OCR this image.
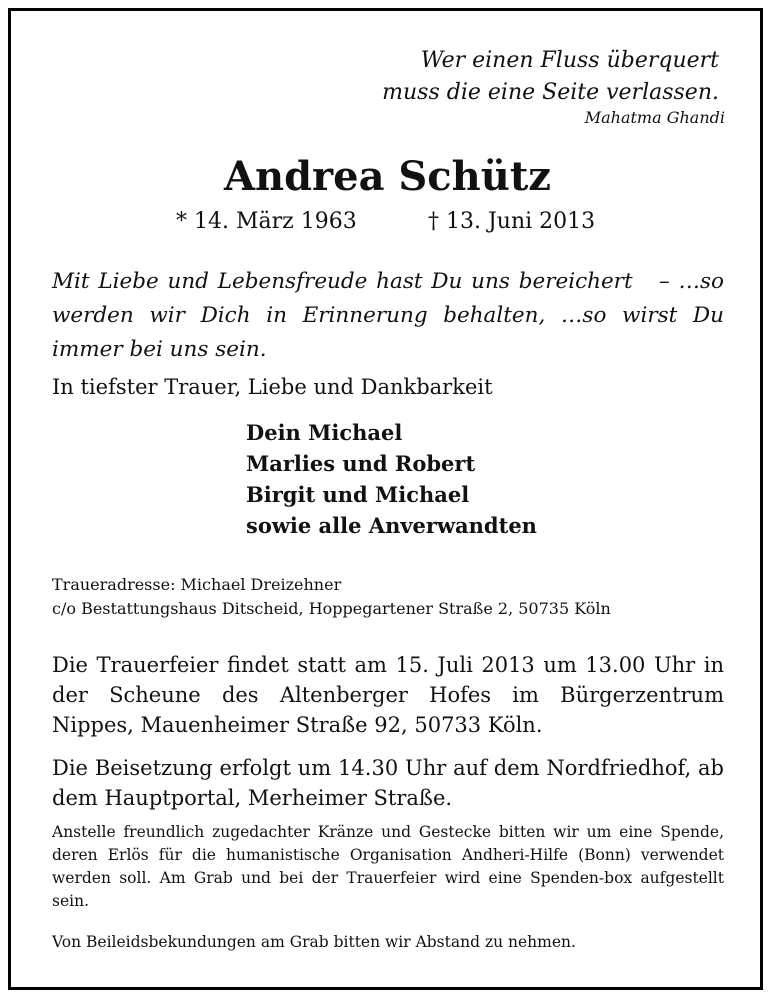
Wer einen Fluss überquert
muss die eine Seite verlassen.
Mahatma Ghandi
Andrea Schütz
* 14. März 1963	† 13. Juni 2013
Mit Liebe und Lebensfreude hast Du uns bereichert   – …so werden wir Dich in Erinnerung behalten, …so wirst Du immer bei uns sein.
In tiefster Trauer, Liebe und Dankbarkeit
Dein Michael
Marlies und Robert
Birgit und Michael
sowie alle Anverwandten
Traueradresse: Michael Dreizehner
c/o Bestattungshaus Ditscheid, Hoppegartener Straße 2, 50735 Köln
Die Trauerfeier findet statt am 15. Juli 2013 um 13.00 Uhr in der Scheune des Altenberger Hofes im Bürgerzentrum Nippes, Mauenheimer Straße 92, 50733 Köln.
Die Beisetzung erfolgt um 14.30 Uhr auf dem Nordfriedhof, ab dem Hauptportal, Merheimer Straße.
Anstelle freundlich zugedachter Kränze und Gestecke bitten wir um eine Spende, deren Erlös für die humanistische Organisation Andheri-Hilfe (Bonn) verwendet werden soll. Am Grab und bei der Trauerfeier wird eine Spenden-box aufgestellt sein.
Von Beileidsbekundungen am Grab bitten wir Abstand zu nehmen.
